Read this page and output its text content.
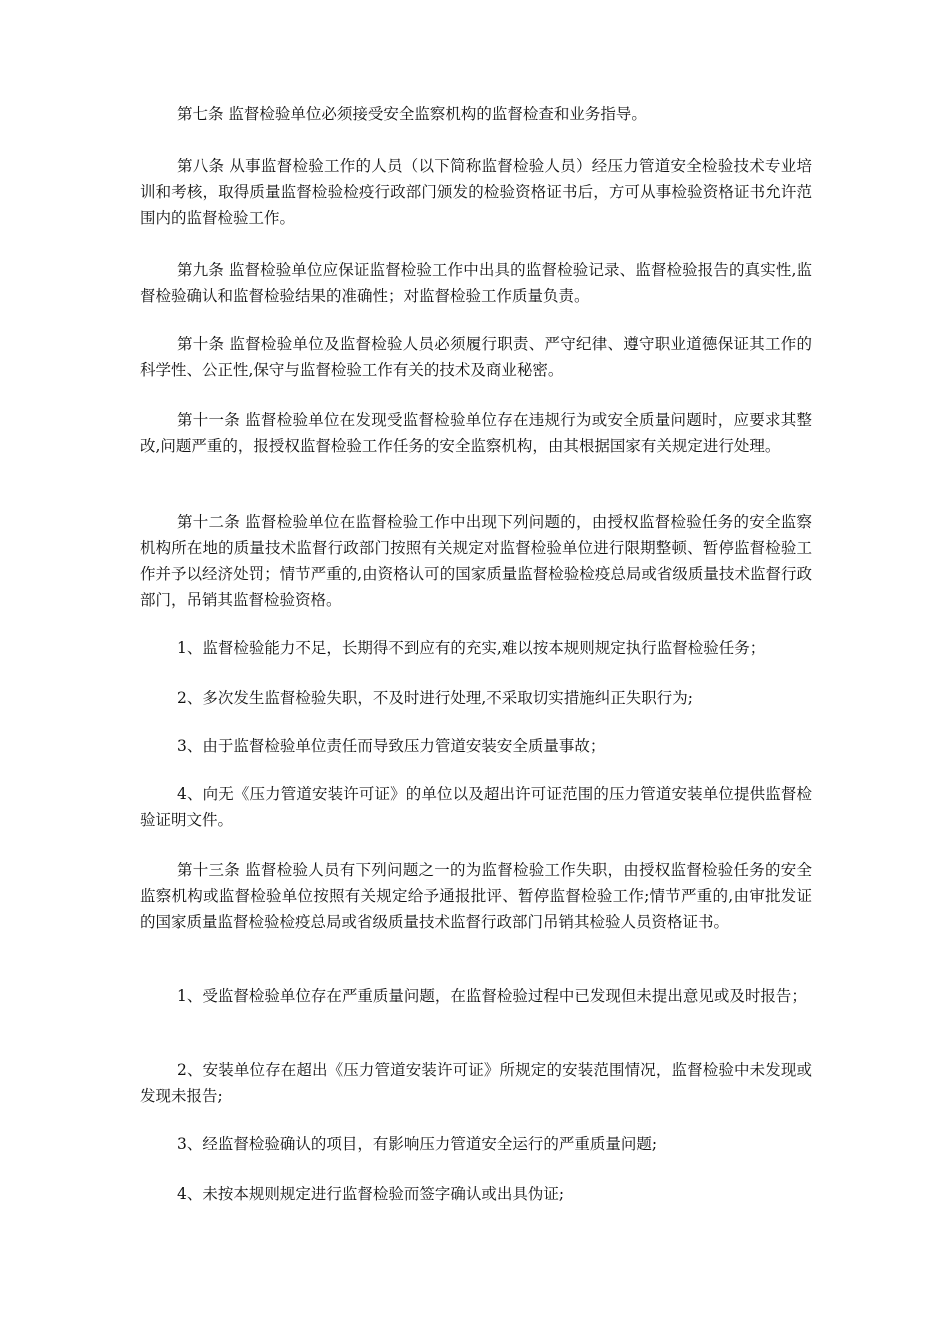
第七条 监督检验单位必须接受安全监察机构的监督检查和业务指导。

第八条 从事监督检验工作的人员（以下简称监督检验人员）经压力管道安全检验技术专业培训和考核，取得质量监督检验检疫行政部门颁发的检验资格证书后，方可从事检验资格证书允许范围内的监督检验工作。

第九条 监督检验单位应保证监督检验工作中出具的监督检验记录、监督检验报告的真实性,监督检验确认和监督检验结果的准确性；对监督检验工作质量负责。

第十条 监督检验单位及监督检验人员必须履行职责、严守纪律、遵守职业道德保证其工作的科学性、公正性,保守与监督检验工作有关的技术及商业秘密。

第十一条 监督检验单位在发现受监督检验单位存在违规行为或安全质量问题时，应要求其整改,问题严重的，报授权监督检验工作任务的安全监察机构，由其根据国家有关规定进行处理。

第十二条 监督检验单位在监督检验工作中出现下列问题的，由授权监督检验任务的安全监察机构所在地的质量技术监督行政部门按照有关规定对监督检验单位进行限期整顿、暂停监督检验工作并予以经济处罚；情节严重的,由资格认可的国家质量监督检验检疫总局或省级质量技术监督行政部门，吊销其监督检验资格。

1、监督检验能力不足，长期得不到应有的充实,难以按本规则规定执行监督检验任务；

2、多次发生监督检验失职，不及时进行处理,不采取切实措施纠正失职行为;

3、由于监督检验单位责任而导致压力管道安装安全质量事故；

4、向无《压力管道安装许可证》的单位以及超出许可证范围的压力管道安装单位提供监督检验证明文件。

第十三条 监督检验人员有下列问题之一的为监督检验工作失职，由授权监督检验任务的安全监察机构或监督检验单位按照有关规定给予通报批评、暂停监督检验工作;情节严重的,由审批发证的国家质量监督检验检疫总局或省级质量技术监督行政部门吊销其检验人员资格证书。

1、受监督检验单位存在严重质量问题，在监督检验过程中已发现但未提出意见或及时报告；

2、安装单位存在超出《压力管道安装许可证》所规定的安装范围情况，监督检验中未发现或发现未报告;

3、经监督检验确认的项目，有影响压力管道安全运行的严重质量问题;

4、未按本规则规定进行监督检验而签字确认或出具伪证;
